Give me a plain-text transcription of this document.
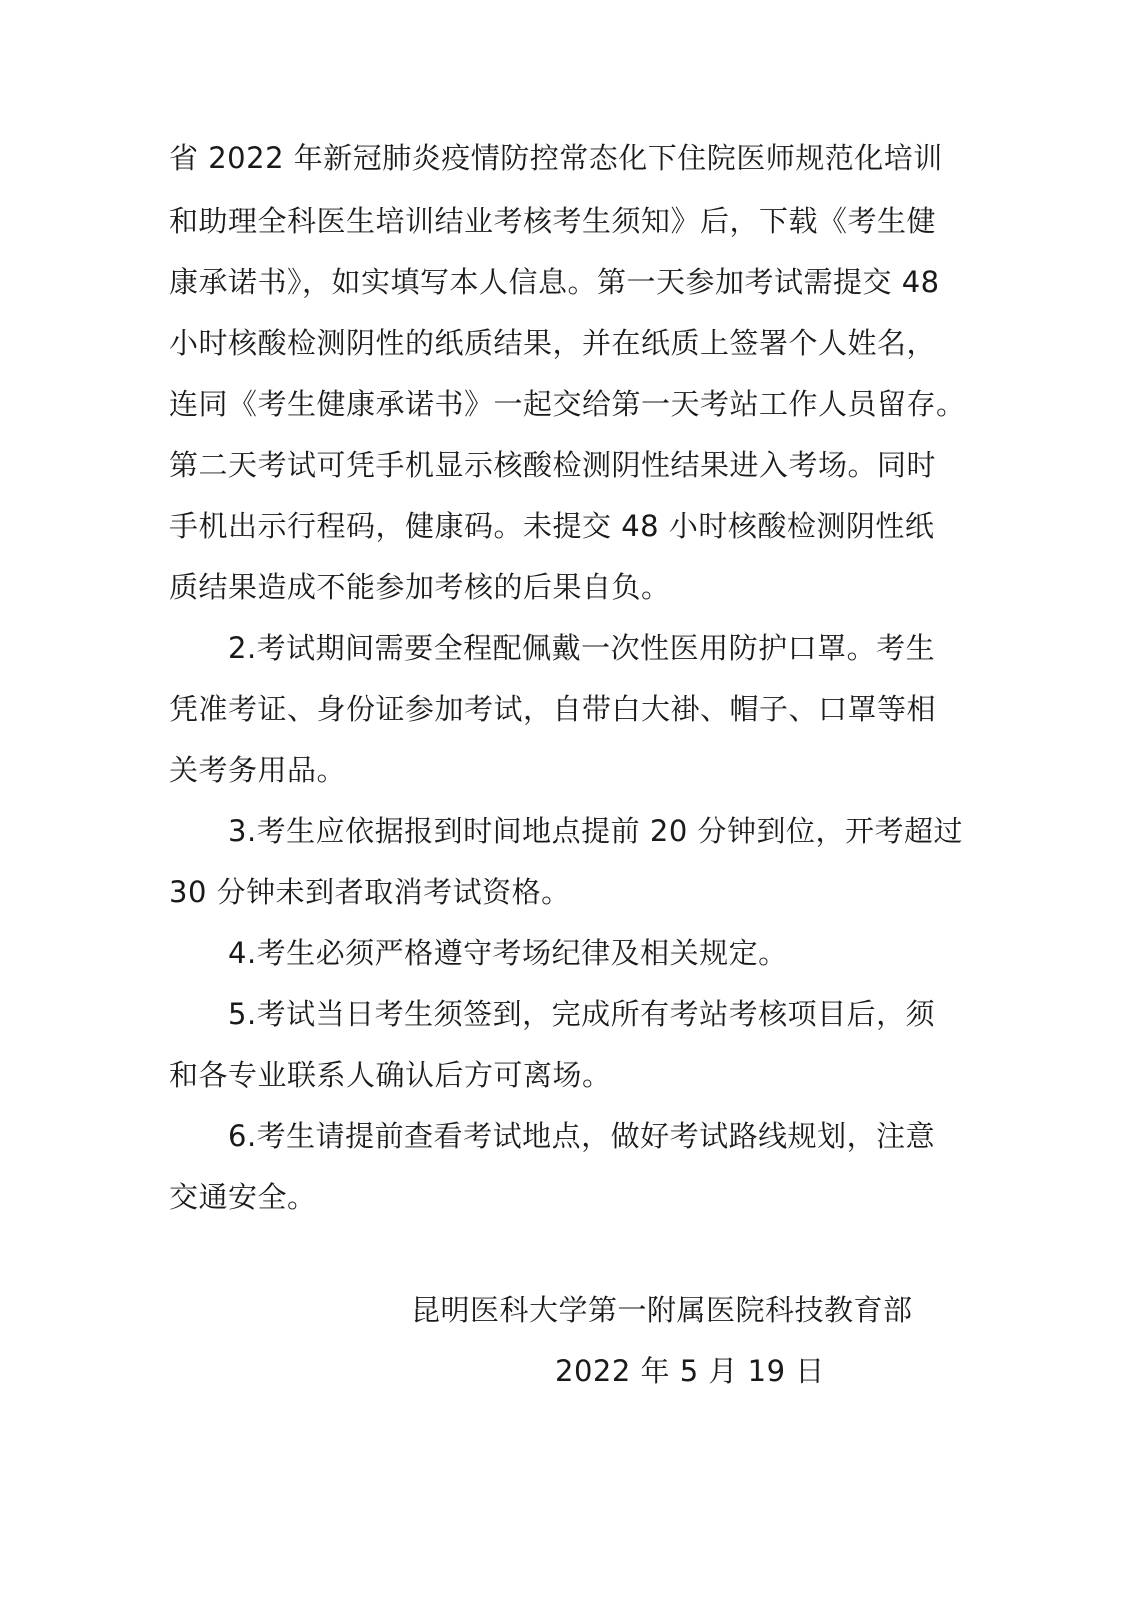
省 2022 年新冠肺炎疫情防控常态化下住院医师规范化培训
和助理全科医生培训结业考核考生须知》后，下载《考生健
康承诺书》，如实填写本人信息。第一天参加考试需提交 48
小时核酸检测阴性的纸质结果，并在纸质上签署个人姓名，
连同《考生健康承诺书》一起交给第一天考站工作人员留存。
第二天考试可凭手机显示核酸检测阴性结果进入考场。同时
手机出示行程码，健康码。未提交 48 小时核酸检测阴性纸
质结果造成不能参加考核的后果自负。
2.考试期间需要全程配佩戴一次性医用防护口罩。考生
凭准考证、身份证参加考试，自带白大褂、帽子、口罩等相
关考务用品。
3.考生应依据报到时间地点提前 20 分钟到位，开考超过
30 分钟未到者取消考试资格。
4.考生必须严格遵守考场纪律及相关规定。
5.考试当日考生须签到，完成所有考站考核项目后，须
和各专业联系人确认后方可离场。
6.考生请提前查看考试地点，做好考试路线规划，注意
交通安全。
昆明医科大学第一附属医院科技教育部
2022 年 5 月 19 日
